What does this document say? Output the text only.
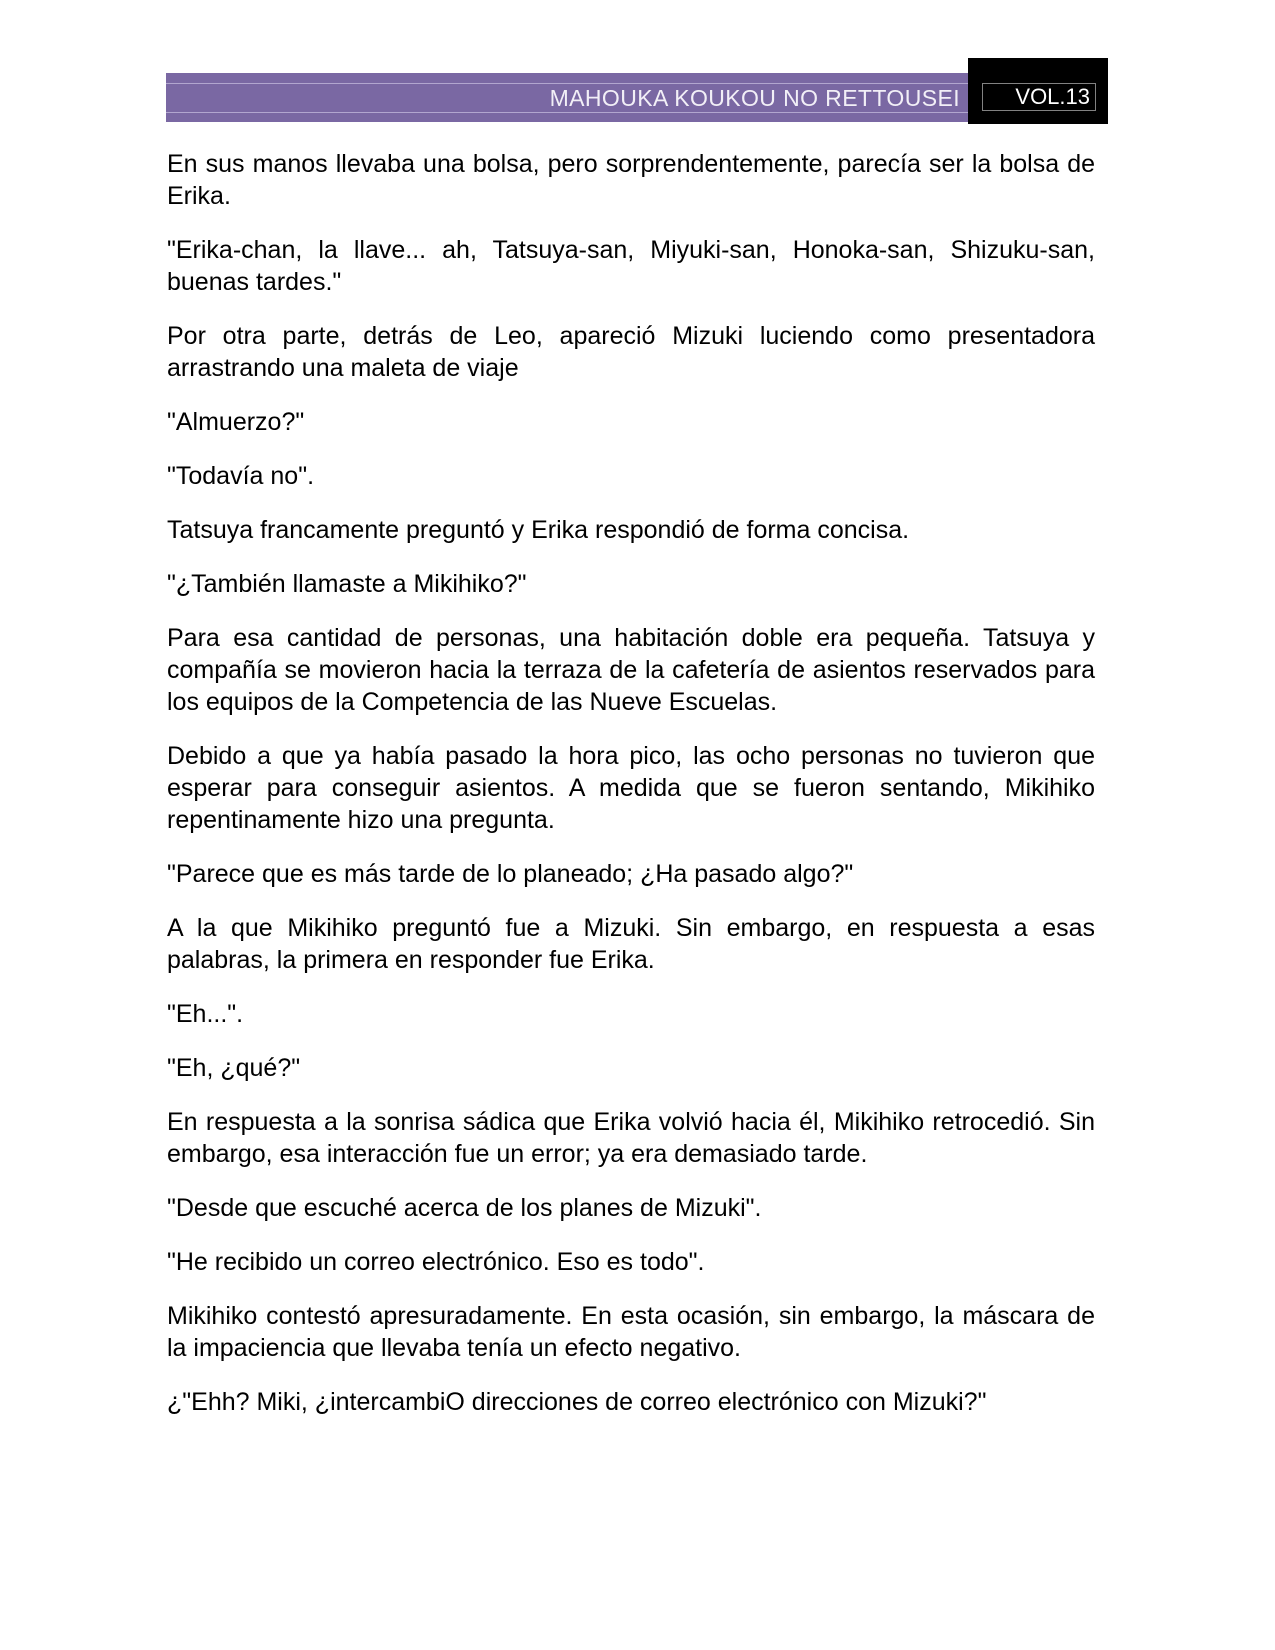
MAHOUKA KOUKOU NO RETTOUSEI	VOL.13

En sus manos llevaba una bolsa, pero sorprendentemente, parecía ser la bolsa de Erika.

"Erika-chan, la llave... ah, Tatsuya-san, Miyuki-san, Honoka-san, Shizuku-san, buenas tardes."

Por otra parte, detrás de Leo, apareció Mizuki luciendo como presentadora arrastrando una maleta de viaje

"Almuerzo?"

"Todavía no".

Tatsuya francamente preguntó y Erika respondió de forma concisa.

"¿También llamaste a Mikihiko?"

Para esa cantidad de personas, una habitación doble era pequeña. Tatsuya y compañía se movieron hacia la terraza de la cafetería de asientos reservados para los equipos de la Competencia de las Nueve Escuelas.

Debido a que ya había pasado la hora pico, las ocho personas no tuvieron que esperar para conseguir asientos. A medida que se fueron sentando, Mikihiko repentinamente hizo una pregunta.

"Parece que es más tarde de lo planeado; ¿Ha pasado algo?"

A la que Mikihiko preguntó fue a Mizuki. Sin embargo, en respuesta a esas palabras, la primera en responder fue Erika.

"Eh...".

"Eh, ¿qué?"

En respuesta a la sonrisa sádica que Erika volvió hacia él, Mikihiko retrocedió. Sin embargo, esa interacción fue un error; ya era demasiado tarde.

"Desde que escuché acerca de los planes de Mizuki".

"He recibido un correo electrónico. Eso es todo".

Mikihiko contestó apresuradamente. En esta ocasión, sin embargo, la máscara de la impaciencia que llevaba tenía un efecto negativo.

¿"Ehh? Miki, ¿intercambiO direcciones de correo electrónico con Mizuki?"
